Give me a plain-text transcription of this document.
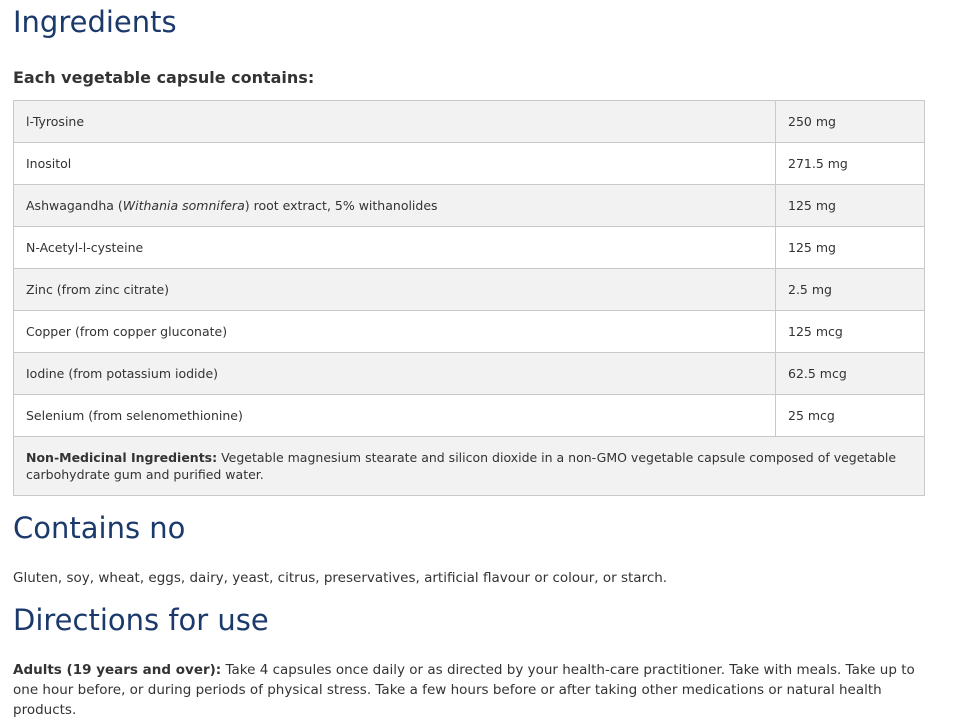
Ingredients
Each vegetable capsule contains:
l-Tyrosine	250 mg
Inositol	271.5 mg
Ashwagandha (Withania somnifera) root extract, 5% withanolides	125 mg
N-Acetyl-l-cysteine	125 mg
Zinc (from zinc citrate)	2.5 mg
Copper (from copper gluconate)	125 mcg
Iodine (from potassium iodide)	62.5 mcg
Selenium (from selenomethionine)	25 mcg
Non-Medicinal Ingredients: Vegetable magnesium stearate and silicon dioxide in a non-GMO vegetable capsule composed of vegetable carbohydrate gum and purified water.	
Contains no

Gluten, soy, wheat, eggs, dairy, yeast, citrus, preservatives, artificial flavour or colour, or starch.

Directions for use

Adults (19 years and over): Take 4 capsules once daily or as directed by your health-care practitioner. Take with meals. Take up to one hour before, or during periods of physical stress. Take a few hours before or after taking other medications or natural health products.
